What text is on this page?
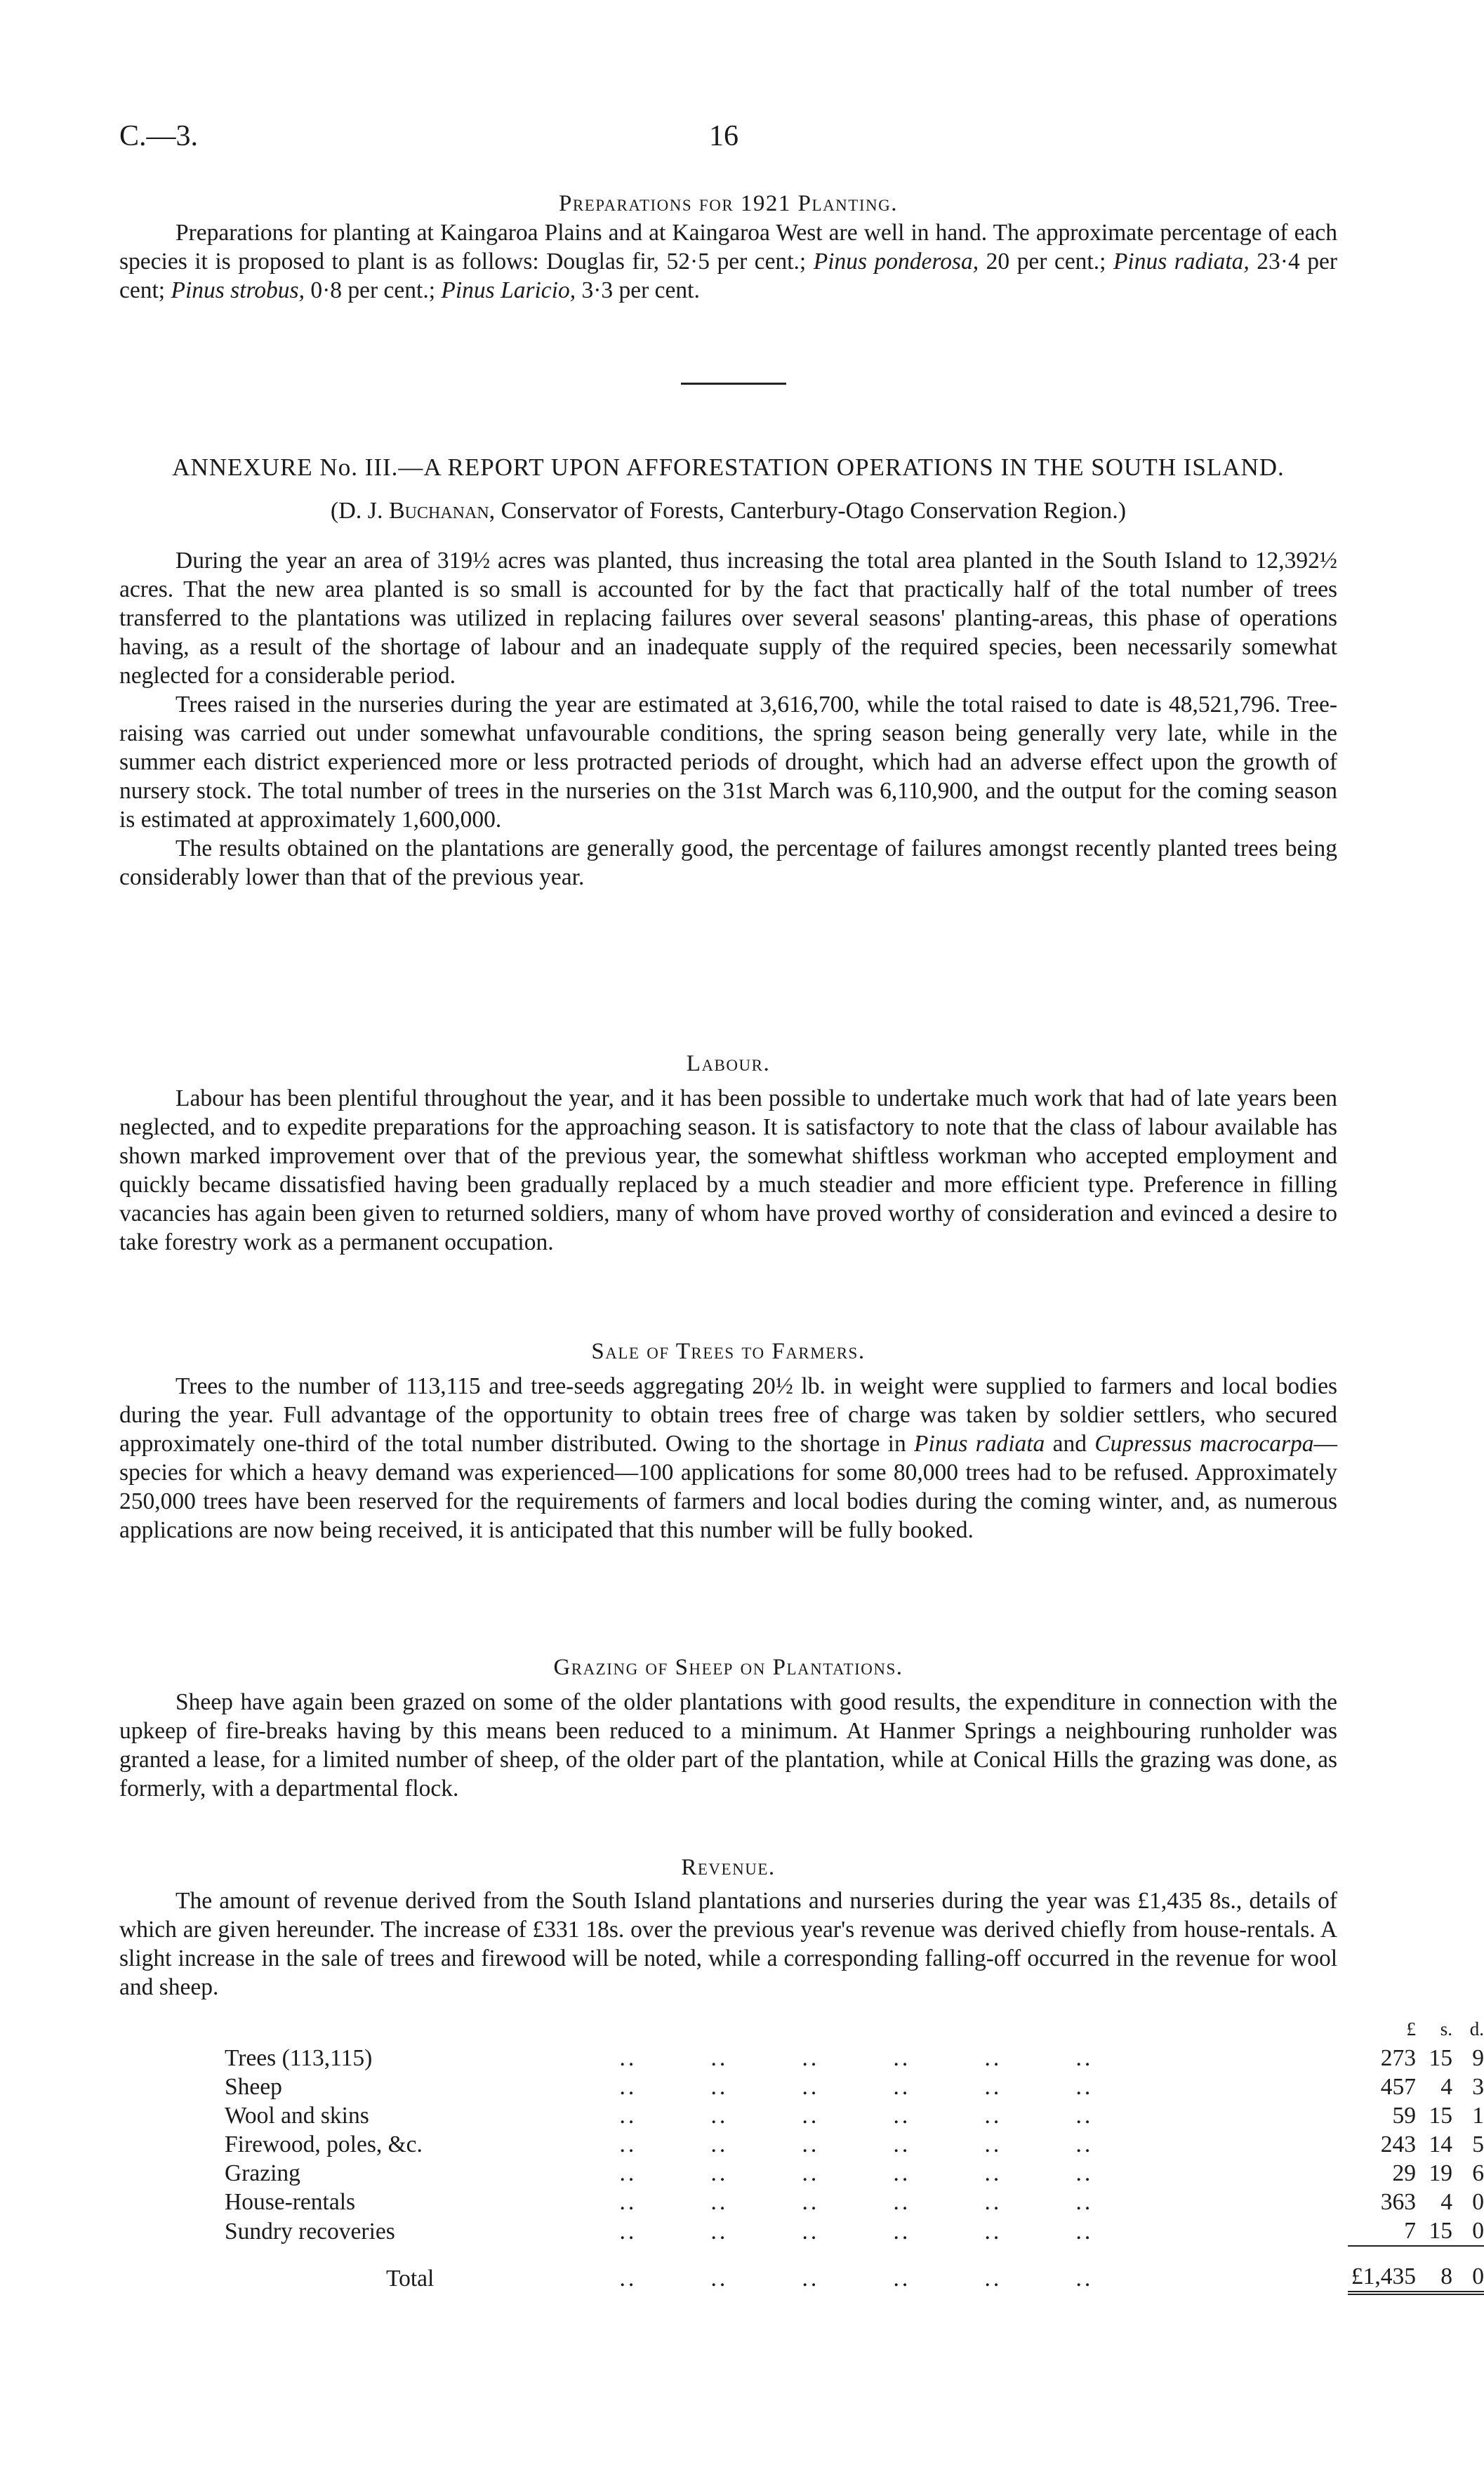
C.—3.	16
Preparations for 1921 Planting.

Preparations for planting at Kaingaroa Plains and at Kaingaroa West are well in hand. The approximate percentage of each species it is proposed to plant is as follows: Douglas fir, 52·5 per cent.; Pinus ponderosa, 20 per cent.; Pinus radiata, 23·4 per cent; Pinus strobus, 0·8 per cent.; Pinus Laricio, 3·3 per cent.

ANNEXURE No. III.—A REPORT UPON AFFORESTATION OPERATIONS IN THE SOUTH ISLAND.
(D. J. Buchanan, Conservator of Forests, Canterbury-Otago Conservation Region.)

During the year an area of 319½ acres was planted, thus increasing the total area planted in the South Island to 12,392½ acres. That the new area planted is so small is accounted for by the fact that practically half of the total number of trees transferred to the plantations was utilized in replacing failures over several seasons' planting-areas, this phase of operations having, as a result of the shortage of labour and an inadequate supply of the required species, been necessarily somewhat neglected for a considerable period.

Trees raised in the nurseries during the year are estimated at 3,616,700, while the total raised to date is 48,521,796. Tree-raising was carried out under somewhat unfavourable conditions, the spring season being generally very late, while in the summer each district experienced more or less protracted periods of drought, which had an adverse effect upon the growth of nursery stock. The total number of trees in the nurseries on the 31st March was 6,110,900, and the output for the coming season is estimated at approximately 1,600,000.

The results obtained on the plantations are generally good, the percentage of failures amongst recently planted trees being considerably lower than that of the previous year.

Labour.

Labour has been plentiful throughout the year, and it has been possible to undertake much work that had of late years been neglected, and to expedite preparations for the approaching season. It is satisfactory to note that the class of labour available has shown marked improvement over that of the previous year, the somewhat shiftless workman who accepted employment and quickly became dissatisfied having been gradually replaced by a much steadier and more efficient type. Preference in filling vacancies has again been given to returned soldiers, many of whom have proved worthy of consideration and evinced a desire to take forestry work as a permanent occupation.

Sale of Trees to Farmers.

Trees to the number of 113,115 and tree-seeds aggregating 20½ lb. in weight were supplied to farmers and local bodies during the year. Full advantage of the opportunity to obtain trees free of charge was taken by soldier settlers, who secured approximately one-third of the total number distributed. Owing to the shortage in Pinus radiata and Cupressus macrocarpa— species for which a heavy demand was experienced—100 applications for some 80,000 trees had to be refused. Approximately 250,000 trees have been reserved for the requirements of farmers and local bodies during the coming winter, and, as numerous applications are now being received, it is anticipated that this number will be fully booked.

Grazing of Sheep on Plantations.

Sheep have again been grazed on some of the older plantations with good results, the expenditure in connection with the upkeep of fire-breaks having by this means been reduced to a minimum. At Hanmer Springs a neighbouring runholder was granted a lease, for a limited number of sheep, of the older part of the plantation, while at Conical Hills the grazing was done, as formerly, with a departmental flock.

Revenue.

The amount of revenue derived from the South Island plantations and nurseries during the year was £1,435 8s., details of which are given hereunder. The increase of £331 18s. over the previous year's revenue was derived chiefly from house-rentals. A slight increase in the sale of trees and firewood will be noted, while a corresponding falling-off occurred in the revenue for wool and sheep.

		£ s. d.
Trees (113,115)	.. .. .. .. .. ..	273 15 9
Sheep	.. .. .. .. .. ..	457 4 3
Wool and skins	.. .. .. .. .. ..	59 15 1
Firewood, poles, &c.	.. .. .. .. .. ..	243 14 5
Grazing	.. .. .. .. .. ..	29 19 6
House-rentals	.. .. .. .. .. ..	363 4 0
Sundry recoveries	.. .. .. .. .. ..	7 15 0

Total	.. .. .. .. .. ..	£1,435 8 0
